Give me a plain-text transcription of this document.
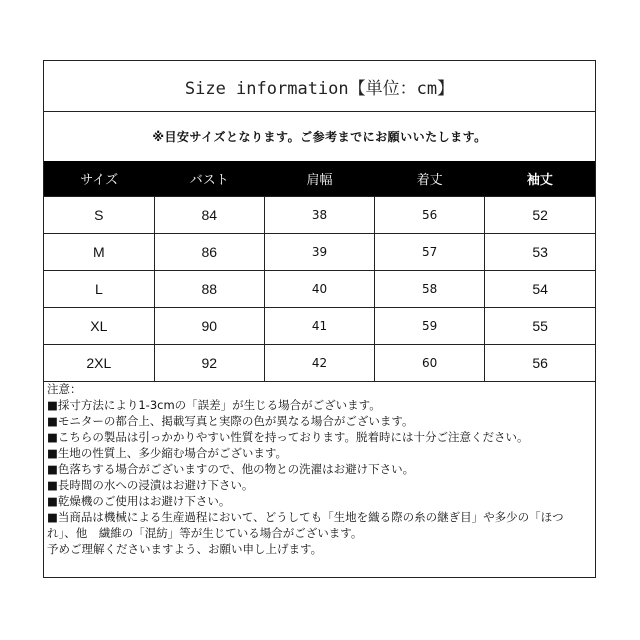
Size information【単位：cm】
※目安サイズとなります。ご参考までにお願いいたします。
サイズ	バスト	肩幅	着丈	袖丈
S	84	38	56	52
M	86	39	57	53
L	88	40	58	54
XL	90	41	59	55
2XL	92	42	60	56
注意：
■採寸方法により1-3cmの「誤差」が生じる場合がございます。
■モニターの都合上、掲載写真と実際の色が異なる場合がございます。
■こちらの製品は引っかかりやすい性質を持っております。脱着時には十分ご注意ください。
■生地の性質上、多少縮む場合がございます。
■色落ちする場合がございますので、他の物との洗濯はお避け下さい。
■長時間の水への浸漬はお避け下さい。
■乾燥機のご使用はお避け下さい。
■当商品は機械による生産過程において、どうしても「生地を織る際の糸の継ぎ目」や多少の「ほつれ」、他　繊維の「混紡」等が生じている場合がございます。
予めご理解くださいますよう、お願い申し上げます。
